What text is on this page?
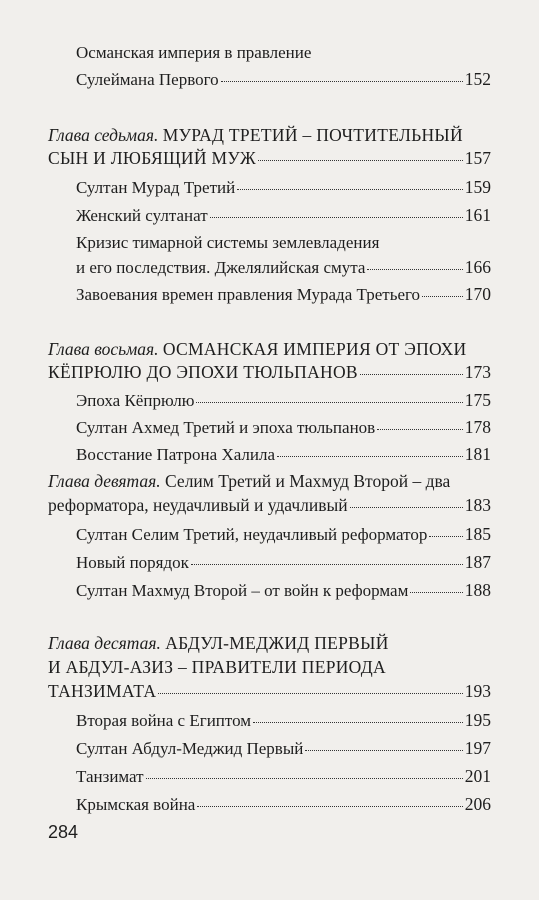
Османская империя в правление
Сулеймана Первого	152
Глава седьмая. МУРАД ТРЕТИЙ – ПОЧТИТЕЛЬНЫЙ
СЫН И ЛЮБЯЩИЙ МУЖ	157
Султан Мурад Третий	159
Женский султанат	161
Кризис тимарной системы землевладения
и его последствия. Джелялийская смута	166
Завоевания времен правления Мурада Третьего	170
Глава восьмая. ОСМАНСКАЯ ИМПЕРИЯ ОТ ЭПОХИ
КЁПРЮЛЮ ДО ЭПОХИ ТЮЛЬПАНОВ	173
Эпоха Кёпрюлю	175
Султан Ахмед Третий и эпоха тюльпанов	178
Восстание Патрона Халила	181
Глава девятая. Селим Третий и Махмуд Второй – два
реформатора, неудачливый и удачливый	183
Султан Селим Третий, неудачливый реформатор 185
Новый порядок	187
Султан Махмуд Второй – от войн к реформам	188
Глава десятая. АБДУЛ-МЕДЖИД ПЕРВЫЙ
И АБДУЛ-АЗИЗ – ПРАВИТЕЛИ ПЕРИОДА
ТАНЗИМАТА	193
Вторая война с Египтом	195
Султан Абдул-Меджид Первый	197
Танзимат	201
Крымская война	206
284
